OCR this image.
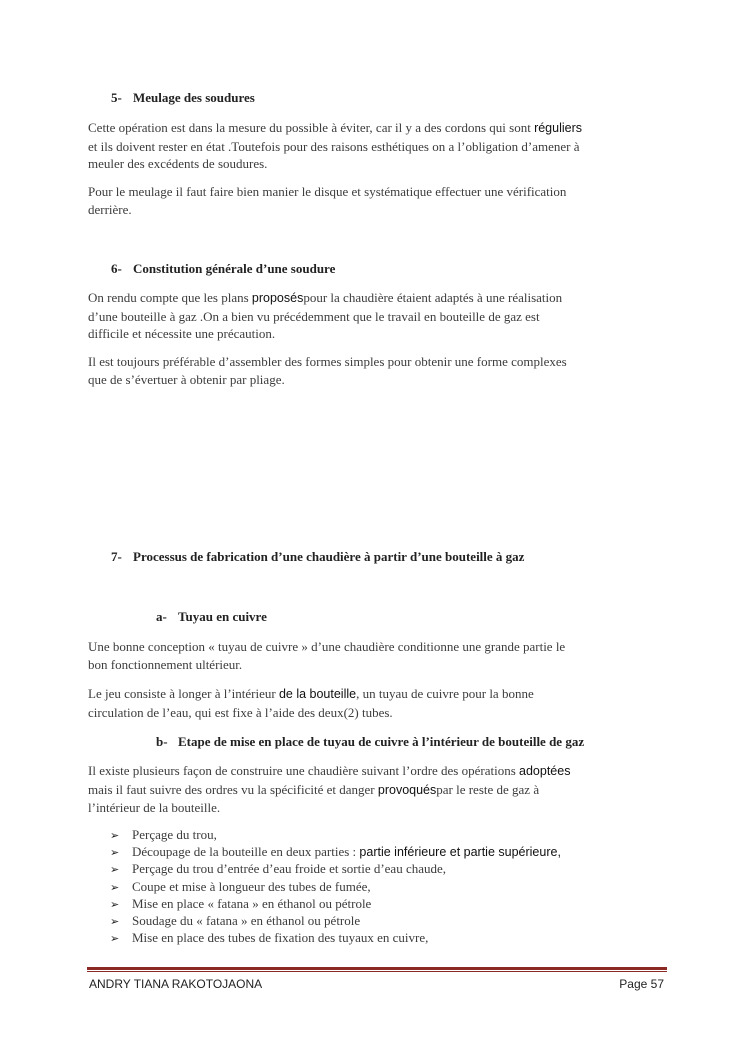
5- Meulage des soudures
Cette opération est dans la mesure du possible à éviter, car il y a des cordons qui sont réguliers
et ils doivent rester en état .Toutefois pour des raisons esthétiques on a l’obligation d’amener à
meuler des excédents de soudures.
Pour le meulage il faut faire bien manier le disque et systématique effectuer une vérification
derrière.
6- Constitution générale d’une soudure
On rendu compte que les plans proposéspour la chaudière étaient adaptés à une réalisation
d’une bouteille à gaz .On a bien vu précédemment que le travail en bouteille de gaz est
difficile et nécessite une précaution.
Il est toujours préférable d’assembler des formes simples pour obtenir une forme complexes
que de s’évertuer à obtenir par pliage.
7- Processus de fabrication d’une chaudière à partir d’une bouteille à gaz
a- Tuyau en cuivre
Une bonne conception « tuyau de cuivre » d’une chaudière conditionne une grande partie le
bon fonctionnement ultérieur.
Le jeu consiste à longer à l’intérieur de la bouteille, un tuyau de cuivre pour la bonne
circulation de l’eau, qui est fixe à l’aide des deux(2) tubes.
b- Etape de mise en place de tuyau de cuivre à l’intérieur de bouteille de gaz
Il existe plusieurs façon de construire une chaudière suivant l’ordre des opérations adoptées
mais il faut suivre des ordres vu la spécificité et danger provoquéspar le reste de gaz à
l’intérieur de la bouteille.
➢ Perçage du trou,
➢ Découpage de la bouteille en deux parties : partie inférieure et partie supérieure,
➢ Perçage du trou d’entrée d’eau froide et sortie d’eau chaude,
➢ Coupe et mise à longueur des tubes de fumée,
➢ Mise en place « fatana » en éthanol ou pétrole
➢ Soudage du « fatana » en éthanol ou pétrole
➢ Mise en place des tubes de fixation des tuyaux en cuivre,
ANDRY TIANA RAKOTOJAONA	Page 57
